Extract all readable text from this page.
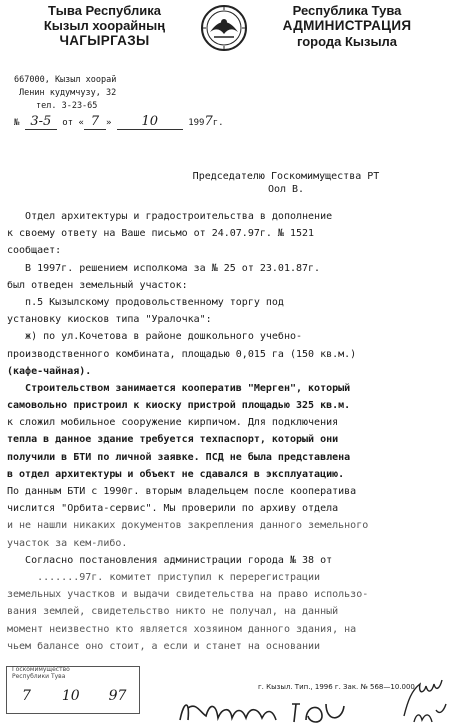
Тыва Республика
Кызыл хоорайның
ЧАГЫРГАЗЫ
Республика Тува
АДМИНИСТРАЦИЯ
города Кызыла
667000, Кызыл хоорай
Ленин кудумчузу, 32
тел. 3-23-65
№ 3-5 от « 7 » 10	1997г.
Председателю Госкомимущества РТ
Оол В.
Отдел архитектуры и градостроительства в дополнение
к своему ответу на Ваше письмо от 24.07.97г. № 1521
сообщает:
В 1997г. решением исполкома за № 25 от 23.01.87г.
был отведен земельный участок:
п.5 Кызылскому продовольственному торгу под
установку киосков типа "Уралочка":
ж) по ул.Кочетова в районе дошкольного учебно-
производственного комбината, площадью 0,015 га (150 кв.м.)
(кафе-чайная).
Строительством занимается кооператив "Мерген", который
самовольно пристроил к киоску пристрой площадью 325 кв.м.
к сложил мобильное сооружение кирпичом. Для подключения
тепла в данное здание требуется техпаспорт, который они
получили в БТИ по личной заявке. ПСД не была представлена
в отдел архитектуры и объект не сдавался в эксплуатацию.
По данным БТИ с 1990г. вторым владельцем после кооператива
числится "Орбита-сервис". Мы проверили по архиву отдела
и не нашли никаких документов закрепления данного земельного
участок за кем-либо.
Согласно постановления администрации города № 38 от
.......97г. комитет приступил к перерегистрации
земельных участков и выдачи свидетельства на право использо-
вания землей, свидетельство никто не получал, на данный
момент неизвестно кто является хозяином данного здания, на
чьем балансе оно стоит, а если и станет на основании
Госкомимущество
Республики Тува
7 10 97
г. Кызыл. Тип., 1996 г. Зак. № 568—10.000
